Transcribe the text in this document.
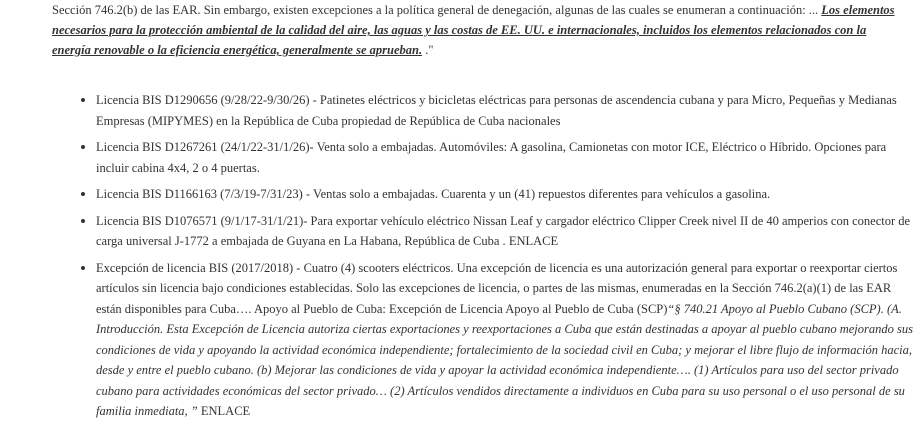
Sección 746.2(b) de las EAR. Sin embargo, existen excepciones a la política general de denegación, algunas de las cuales se enumeran a continuación: ... Los elementos necesarios para la protección ambiental de la calidad del aire, las aguas y las costas de EE. UU. e internacionales, incluidos los elementos relacionados con la energía renovable o la eficiencia energética, generalmente se aprueban. ."

Licencia BIS D1290656 (9/28/22-9/30/26) - Patinetes eléctricos y bicicletas eléctricas para personas de ascendencia cubana y para Micro, Pequeñas y Medianas Empresas (MIPYMES) en la República de Cuba propiedad de República de Cuba nacionales
Licencia BIS D1267261 (24/1/22-31/1/26)- Venta solo a embajadas. Automóviles: A gasolina, Camionetas con motor ICE, Eléctrico o Híbrido. Opciones para incluir cabina 4x4, 2 o 4 puertas.
Licencia BIS D1166163 (7/3/19-7/31/23) - Ventas solo a embajadas. Cuarenta y un (41) repuestos diferentes para vehículos a gasolina.
Licencia BIS D1076571 (9/1/17-31/1/21)- Para exportar vehículo eléctrico Nissan Leaf y cargador eléctrico Clipper Creek nivel II de 40 amperios con conector de carga universal J-1772 a embajada de Guyana en La Habana, República de Cuba . ENLACE
Excepción de licencia BIS (2017/2018) - Cuatro (4) scooters eléctricos. Una excepción de licencia es una autorización general para exportar o reexportar ciertos artículos sin licencia bajo condiciones establecidas. Solo las excepciones de licencia, o partes de las mismas, enumeradas en la Sección 746.2(a)(1) de las EAR están disponibles para Cuba…. Apoyo al Pueblo de Cuba: Excepción de Licencia Apoyo al Pueblo de Cuba (SCP)“§ 740.21 Apoyo al Pueblo Cubano (SCP). (A. Introducción. Esta Excepción de Licencia autoriza ciertas exportaciones y reexportaciones a Cuba que están destinadas a apoyar al pueblo cubano mejorando sus condiciones de vida y apoyando la actividad económica independiente; fortalecimiento de la sociedad civil en Cuba; y mejorar el libre flujo de información hacia, desde y entre el pueblo cubano. (b) Mejorar las condiciones de vida y apoyar la actividad económica independiente…. (1) Artículos para uso del sector privado cubano para actividades económicas del sector privado… (2) Artículos vendidos directamente a individuos en Cuba para su uso personal o el uso personal de su familia inmediata, ” ENLACE
